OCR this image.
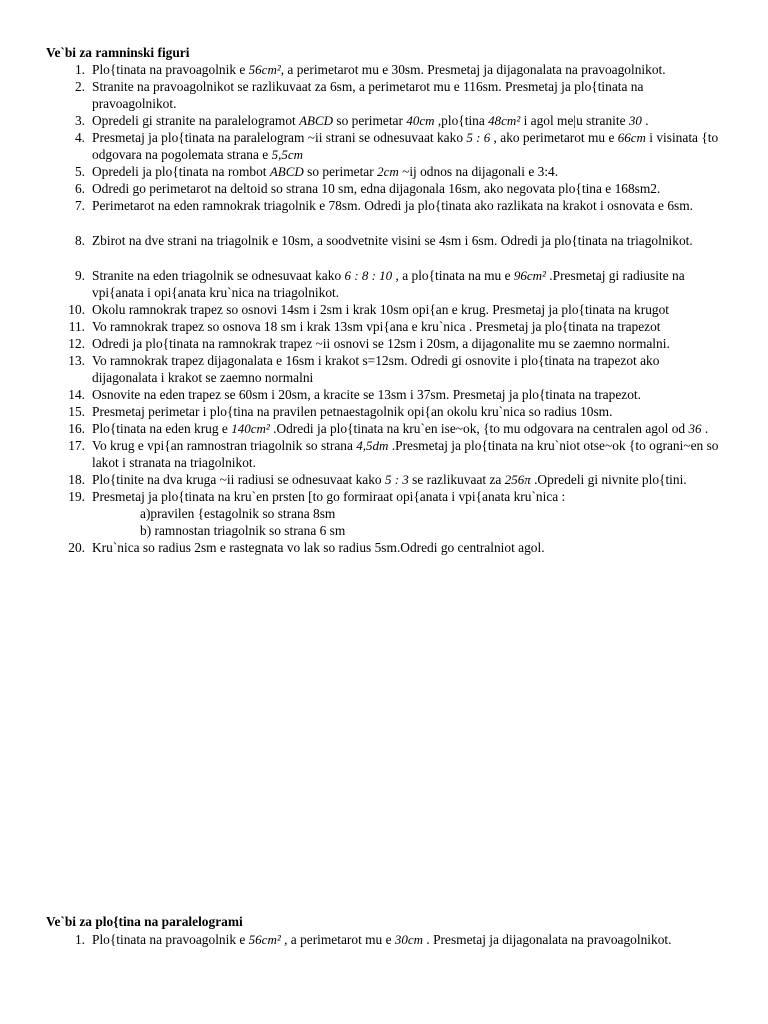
Ve`bi za ramninski figuri
1. Plo{tinata na pravoagolnik e 56cm², a perimetarot mu e 30sm. Presmetaj ja dijagonalata na pravoagolnikot.
2. Stranite na pravoagolnikot se razlikuvaat za 6sm, a perimetarot mu e 116sm. Presmetaj ja plo{tinata na pravoagolnikot.
3. Opredeli gi stranite na paralelogramot ABCD so perimetar 40cm ,plo{tina 48cm² i agol me|u stranite 30 .
4. Presmetaj ja plo{tinata na paralelogram ~ii strani se odnesuvaat kako 5 : 6 , ako perimetarot mu e 66cm i visinata {to odgovara na pogolemata strana e 5,5cm
5. Opredeli ja plo{tinata na rombot ABCD so perimetar 2cm ~ij odnos na dijagonali e 3:4.
6. Odredi go perimetarot na deltoid so strana 10 sm, edna dijagonala 16sm, ako negovata plo{tina e 168sm2.
7. Perimetarot na eden ramnokrak triagolnik e 78sm. Odredi ja plo{tinata ako razlikata na krakot i osnovata e 6sm.
8. Zbirot na dve strani na triagolnik e 10sm, a soodvetnite visini se 4sm i 6sm. Odredi ja plo{tinata na triagolnikot.
9. Stranite na eden triagolnik se odnesuvaat kako 6 : 8 : 10 , a plo{tinata na mu e 96cm² .Presmetaj gi radiusite na vpi{anata i opi{anata kru`nica na triagolnikot.
10. Okolu ramnokrak trapez so osnovi 14sm i 2sm i krak 10sm opi{an e krug. Presmetaj ja plo{tinata na krugot
11. Vo ramnokrak trapez so osnova 18 sm i krak 13sm vpi{ana e kru`nica . Presmetaj ja plo{tinata na trapezot
12. Odredi ja plo{tinata na ramnokrak trapez ~ii osnovi se 12sm i 20sm, a dijagonalite mu se zaemno normalni.
13. Vo ramnokrak trapez dijagonalata e 16sm i krakot s=12sm. Odredi gi osnovite i plo{tinata na trapezot ako dijagonalata i krakot se zaemno normalni
14. Osnovite na eden trapez se 60sm i 20sm, a kracite se 13sm i 37sm. Presmetaj ja plo{tinata na trapezot.
15. Presmetaj perimetar i plo{tina na pravilen petnaestagolnik opi{an okolu kru`nica so radius 10sm.
16. Plo{tinata na eden krug e 140cm² .Odredi ja plo{tinata na kru`en ise~ok, {to mu odgovara na centralen agol od 36 .
17. Vo krug e vpi{an ramnostran triagolnik so strana 4,5dm .Presmetaj ja plo{tinata na kru`niot otse~ok {to ograni~en so lakot i stranata na triagolnikot.
18. Plo{tinite na dva kruga ~ii radiusi se odnesuvaat kako 5 : 3 se razlikuvaat za 256π .Opredeli gi nivnite plo{tini.
19. Presmetaj ja plo{tinata na kru`en prsten [to go formiraat opi{anata i vpi{anata kru`nica :
a)pravilen {estagolnik so strana 8sm
b) ramnostan triagolnik so strana 6 sm
20. Kru`nica so radius 2sm e rastegnata vo lak so radius 5sm.Odredi go centralniot agol.
Ve`bi za plo{tina na paralelogrami
1. Plo{tinata na pravoagolnik e 56cm² , a perimetarot mu e 30cm . Presmetaj ja dijagonalata na pravoagolnikot.
